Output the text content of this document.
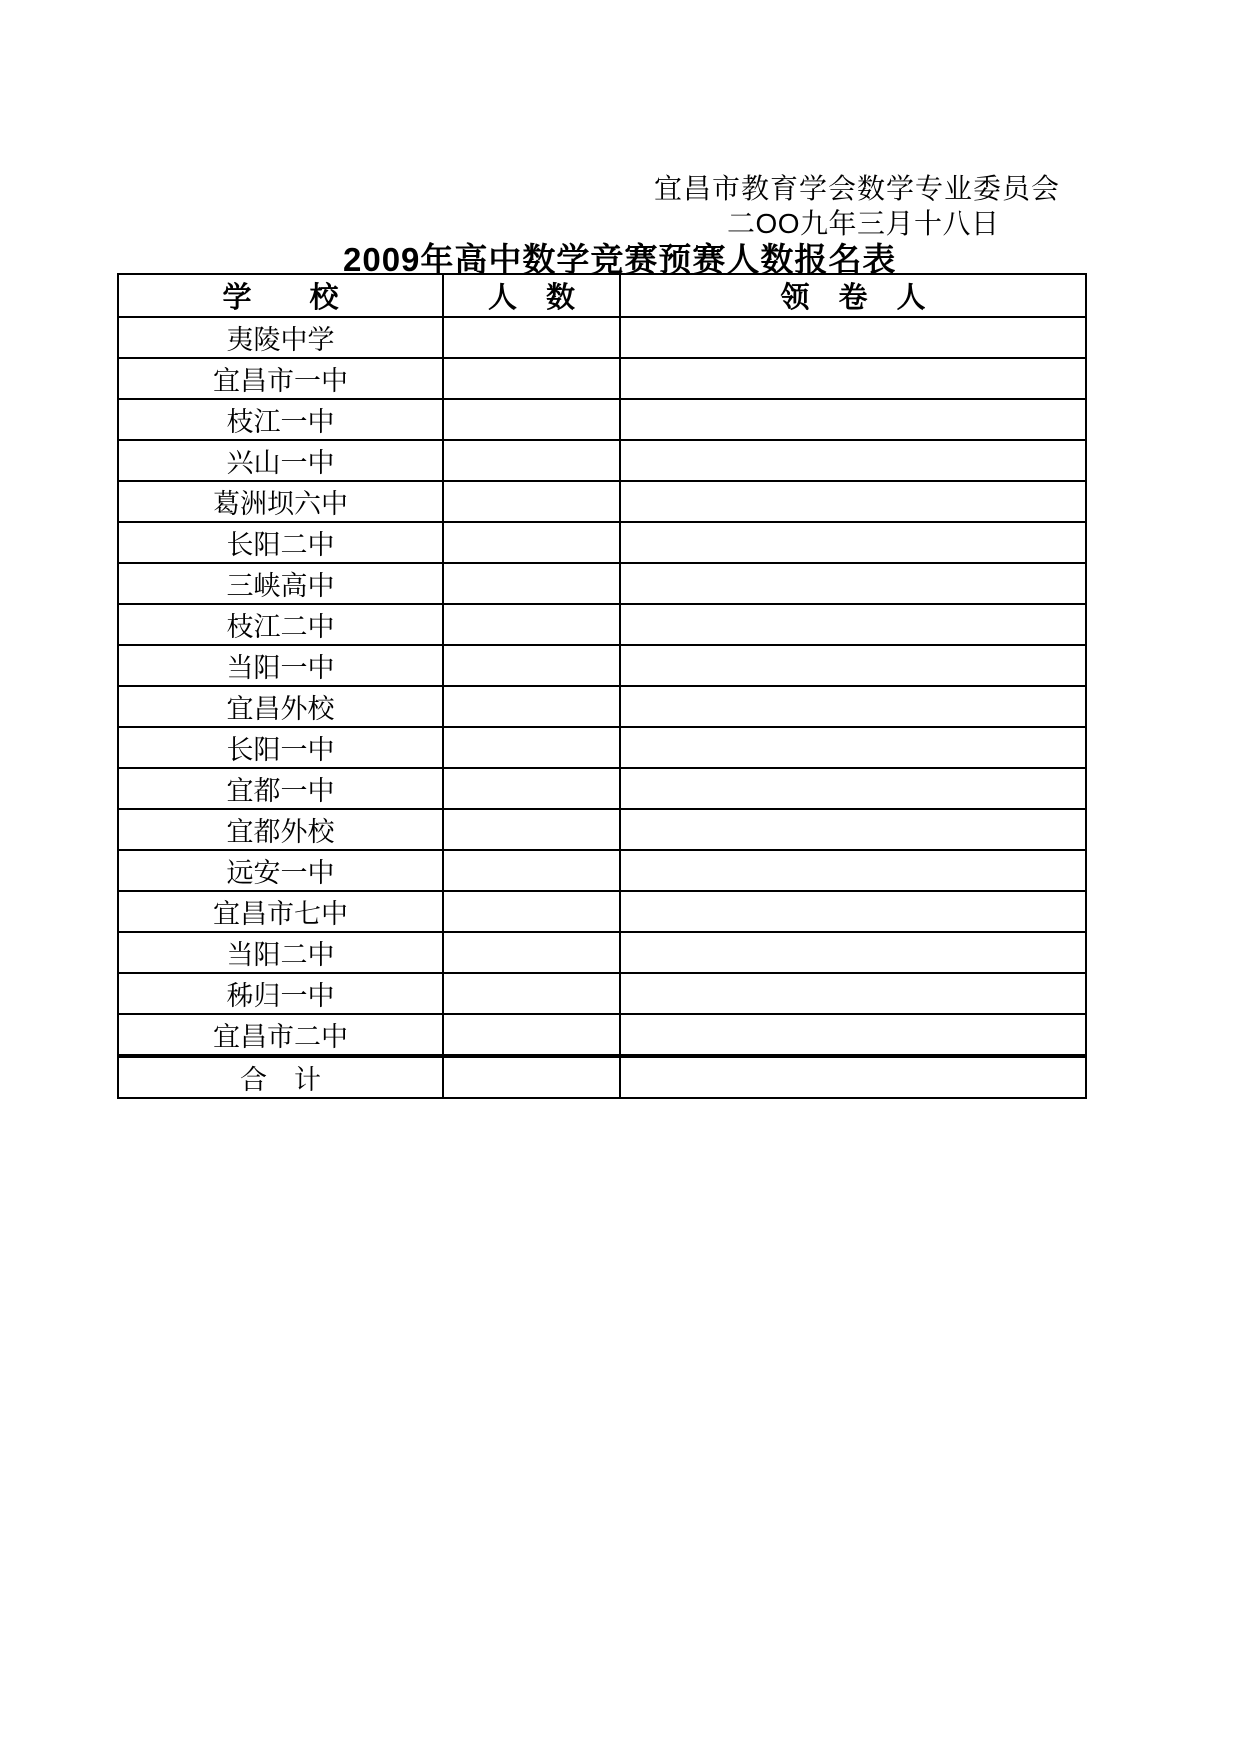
宜昌市教育学会数学专业委员会
二OO九年三月十八日
2009年高中数学竞赛预赛人数报名表
学　　校	人　数	领　卷　人
夷陵中学		
宜昌市一中		
枝江一中		
兴山一中		
葛洲坝六中		
长阳二中		
三峡高中		
枝江二中		
当阳一中		
宜昌外校		
长阳一中		
宜都一中		
宜都外校		
远安一中		
宜昌市七中		
当阳二中		
秭归一中		
宜昌市二中		
合　计		
